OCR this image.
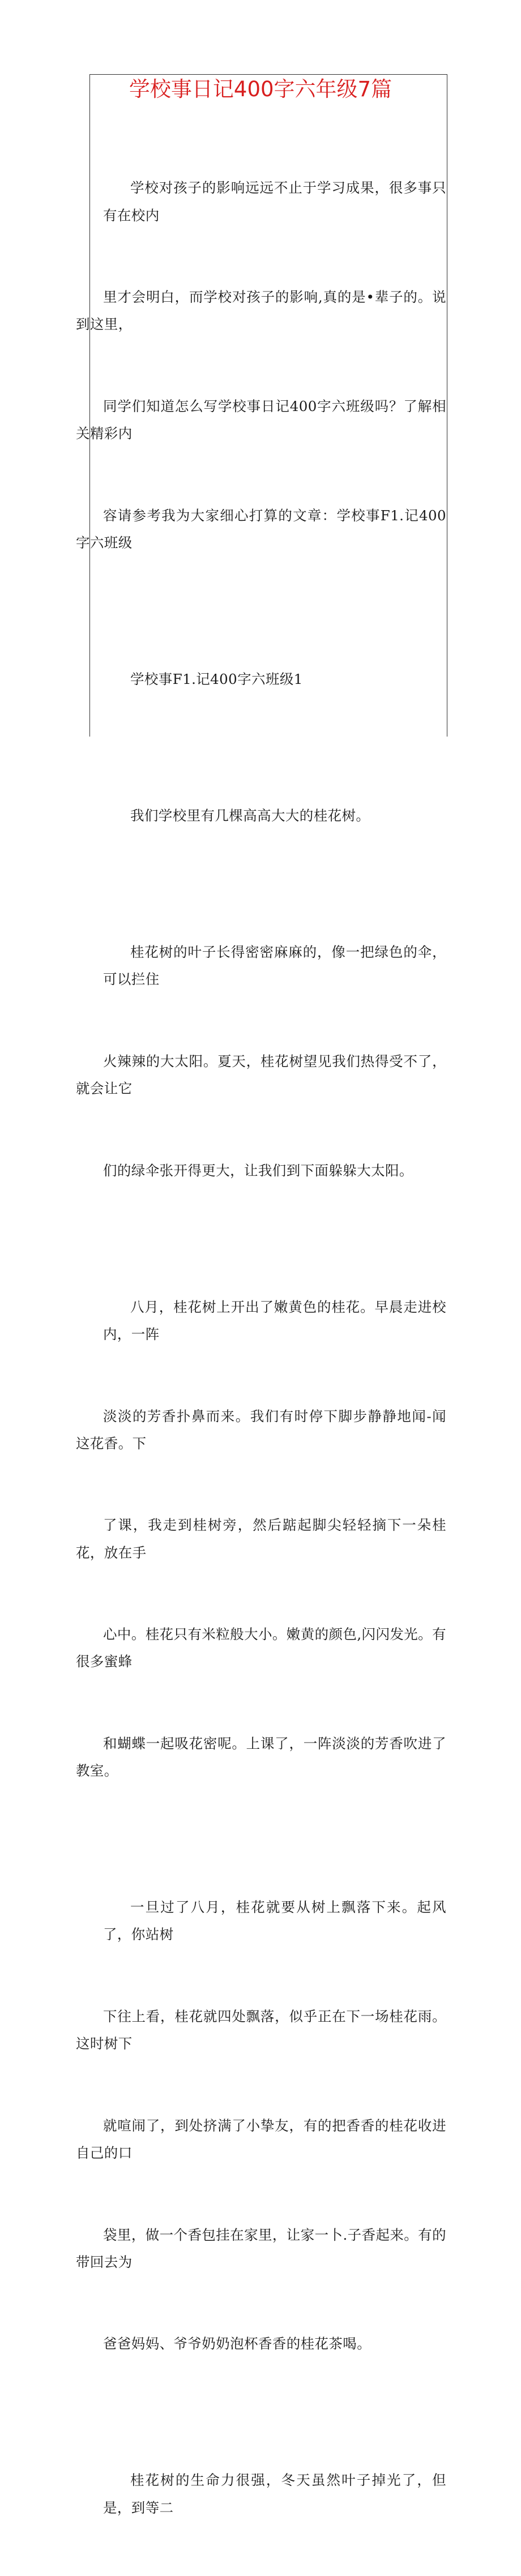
学校事日记400字六年级7篇

学校对孩子的影响远远不止于学习成果，很多事只有在校内

里才会明白，而学校对孩子的影响,真的是•辈子的。说到这里，

同学们知道怎么写学校事日记400字六班级吗？了解相关精彩内

容请参考我为大家细心打算的文章：学校事F1.记400字六班级

学校事F1.记400字六班级1

我们学校里有几棵高高大大的桂花树。

桂花树的叶子长得密密麻麻的，像一把绿色的伞，可以拦住

火辣辣的大太阳。夏天，桂花树望见我们热得受不了，就会让它

们的绿伞张开得更大，让我们到下面躲躲大太阳。

八月，桂花树上开出了嫩黄色的桂花。早晨走进校内，一阵

淡淡的芳香扑鼻而来。我们有时停下脚步静静地闻-闻这花香。下

了课，我走到桂树旁，然后踮起脚尖轻轻摘下一朵桂花，放在手

心中。桂花只有米粒般大小。嫩黄的颜色,闪闪发光。有很多蜜蜂

和蝴蝶一起吸花密呢。上课了，一阵淡淡的芳香吹进了教室。

一旦过了八月，桂花就要从树上飘落下来。起风了，你站树

下往上看，桂花就四处飘落，似乎正在下一场桂花雨。这时树下

就喧闹了，到处挤满了小挚友，有的把香香的桂花收进自己的口

袋里，做一个香包挂在家里，让家一卜.子香起来。有的带回去为

爸爸妈妈、爷爷奶奶泡杯香香的桂花茶喝。

桂花树的生命力很强，冬天虽然叶子掉光了，但是，到等二
